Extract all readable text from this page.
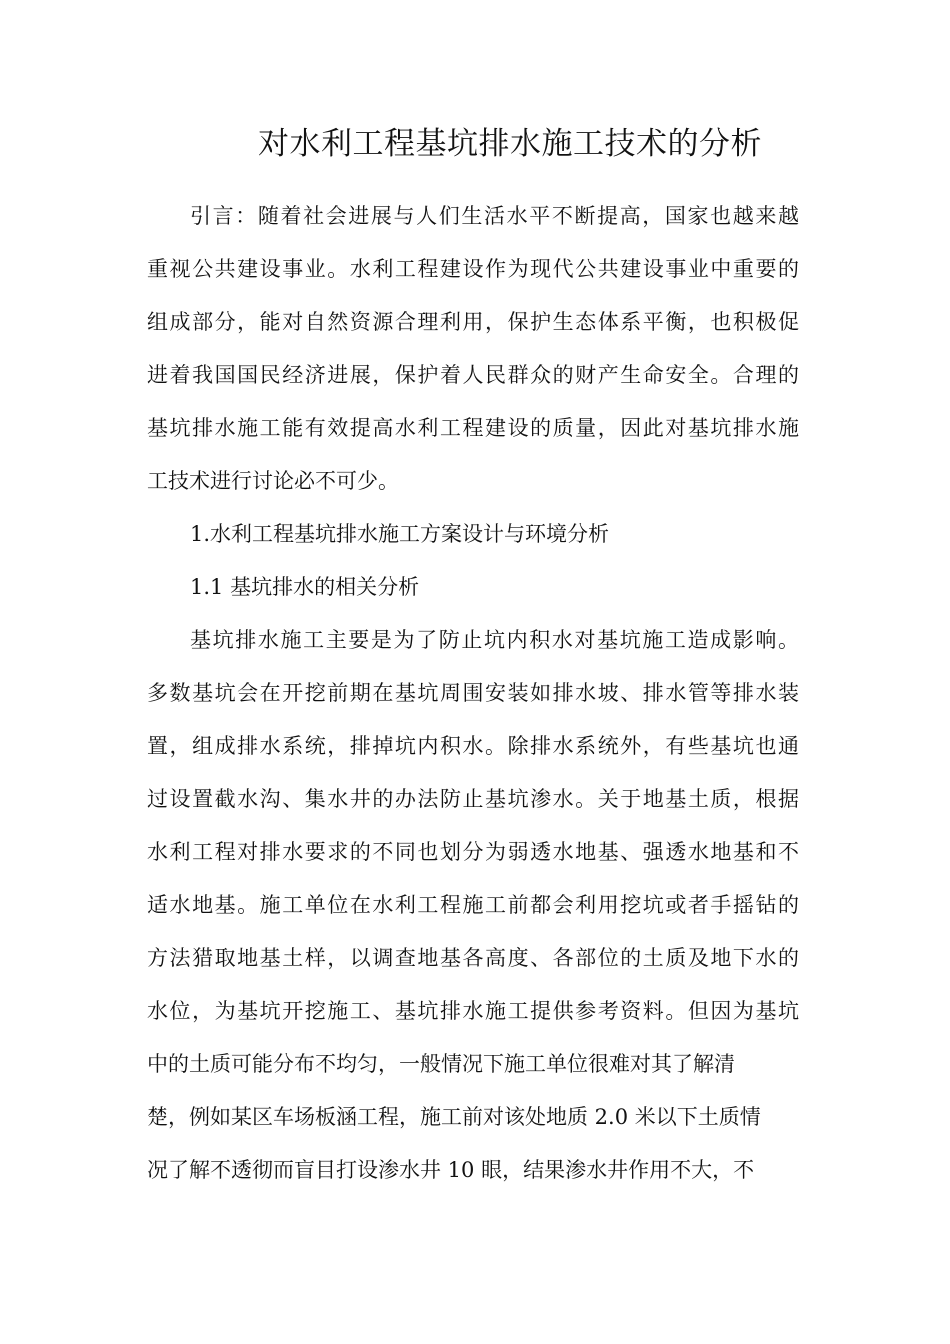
对水利工程基坑排水施工技术的分析
引言：随着社会进展与人们生活水平不断提高，国家也越来越
重视公共建设事业。水利工程建设作为现代公共建设事业中重要的
组成部分，能对自然资源合理利用，保护生态体系平衡，也积极促
进着我国国民经济进展，保护着人民群众的财产生命安全。合理的
基坑排水施工能有效提高水利工程建设的质量，因此对基坑排水施
工技术进行讨论必不可少。
1.水利工程基坑排水施工方案设计与环境分析
1.1 基坑排水的相关分析
基坑排水施工主要是为了防止坑内积水对基坑施工造成影响。
多数基坑会在开挖前期在基坑周围安装如排水坡、排水管等排水装
置，组成排水系统，排掉坑内积水。除排水系统外，有些基坑也通
过设置截水沟、集水井的办法防止基坑渗水。关于地基土质，根据
水利工程对排水要求的不同也划分为弱透水地基、强透水地基和不
适水地基。施工单位在水利工程施工前都会利用挖坑或者手摇钻的
方法猎取地基土样，以调查地基各高度、各部位的土质及地下水的
水位，为基坑开挖施工、基坑排水施工提供参考资料。但因为基坑
中的土质可能分布不均匀，一般情况下施工单位很难对其了解清
楚，例如某区车场板涵工程，施工前对该处地质 2.0 米以下土质情
况了解不透彻而盲目打设渗水井 10 眼，结果渗水井作用不大，不
